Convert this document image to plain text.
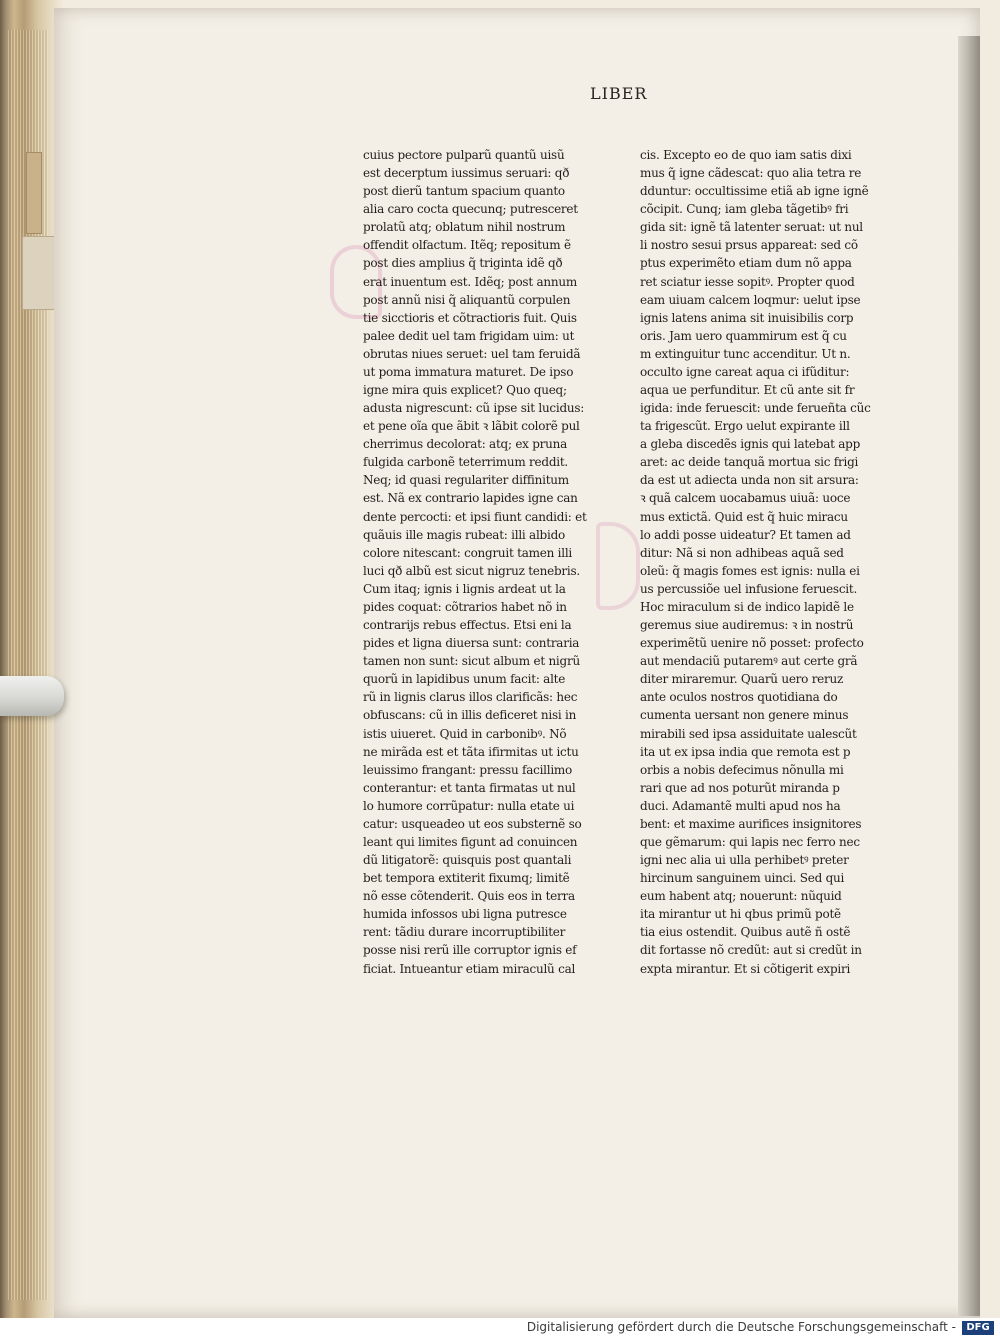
LIBER
cuius pectore pulparũ quantũ uisũ
est decerptum iussimus seruari: qð
post dierũ tantum spacium quanto
alia caro cocta quecunq; putresceret
prolatũ atq; oblatum nihil nostrum
offendit olfactum. Itẽq; repositum ẽ
post dies amplius q̃ triginta idẽ qð
erat inuentum est. Idẽq; post annum
post annũ nisi q̃ aliquantũ corpulen
tie sicctioris et cõtractioris fuit. Quis
palee dedit uel tam frigidam uim: ut
obrutas niues seruet: uel tam feruidã
ut poma immatura maturet. De ipso
igne mira quis explicet? Quo queq;
adusta nigrescunt: cũ ipse sit lucidus:
et pene oĩa que ãbit ꝛ lãbit colorẽ pul
cherrimus decolorat: atq; ex pruna
fulgida carbonẽ teterrimum reddit.
Neq; id quasi regulariter diffinitum
est. Nã ex contrario lapides igne can
dente percocti: et ipsi fiunt candidi: et
quãuis ille magis rubeat: illi albido
colore nitescant: congruit tamen illi
luci qð albũ est sicut nigruz tenebris.
Cum itaq; ignis i lignis ardeat ut la
pides coquat: cõtrarios habet nõ in
contrarijs rebus effectus. Etsi eni la
pides et ligna diuersa sunt: contraria
tamen non sunt: sicut album et nigrũ
quorũ in lapidibus unum facit: alte
rũ in lignis clarus illos clarificãs: hec
obfuscans: cũ in illis deficeret nisi in
istis uiueret. Quid in carbonibꝰ. Nõ
ne mirãda est et tãta ifirmitas ut ictu
leuissimo frangant: pressu facillimo
conterantur: et tanta firmatas ut nul
lo humore corrũpatur: nulla etate ui
catur: usqueadeo ut eos substernẽ so
leant qui limites figunt ad conuincen
dũ litigatorẽ: quisquis post quantali
bet tempora extiterit fixumq; limitẽ
nõ esse cõtenderit. Quis eos in terra
humida infossos ubi ligna putresce
rent: tãdiu durare incorruptibiliter
posse nisi rerũ ille corruptor ignis ef
ficiat. Intueantur etiam miraculũ cal
cis. Excepto eo de quo iam satis dixi
mus q̃ igne cãdescat: quo alia tetra re
dduntur: occultissime etiã ab igne ignẽ
cõcipit. Cunq; iam gleba tãgetibꝰ fri
gida sit: ignẽ tã latenter seruat: ut nul
li nostro sesui prsus appareat: sed cõ
ptus experimẽto etiam dum nõ appa
ret sciatur iesse sopitꝰ. Propter quod
eam uiuam calcem loqmur: uelut ipse
ignis latens anima sit inuisibilis corp
oris. Jam uero quammirum est q̃ cu
m extinguitur tunc accenditur. Ut n.
occulto igne careat aqua ci ifũditur:
aqua ue perfunditur. Et cũ ante sit fr
igida: inde feruescit: unde ferueñta cũc
ta frigescũt. Ergo uelut expirante ill
a gleba discedẽs ignis qui latebat app
aret: ac deide tanquã mortua sic frigi
da est ut adiecta unda non sit arsura:
ꝛ quã calcem uocabamus uiuã: uoce
mus extictã. Quid est q̃ huic miracu
lo addi posse uideatur? Et tamen ad
ditur: Nã si non adhibeas aquã sed
oleũ: q̃ magis fomes est ignis: nulla ei
us percussiõe uel infusione feruescit.
Hoc miraculum si de indico lapidẽ le
geremus siue audiremus: ꝛ in nostrũ
experimẽtũ uenire nõ posset: profecto
aut mendaciũ putaremꝰ aut certe grã
diter miraremur. Quarũ uero reruz
ante oculos nostros quotidiana do
cumenta uersant non genere minus
mirabili sed ipsa assiduitate ualescũt
ita ut ex ipsa india que remota est p
orbis a nobis defecimus nõnulla mi
rari que ad nos poturũt miranda p
duci. Adamantẽ multi apud nos ha
bent: et maxime aurifices insignitores
que gẽmarum: qui lapis nec ferro nec
igni nec alia ui ulla perhibetꝰ preter
hircinum sanguinem uinci. Sed qui
eum habent atq; nouerunt: nũquid
ita mirantur ut hi qbus primũ potẽ
tia eius ostendit. Quibus autẽ ñ ostẽ
dit fortasse nõ credũt: aut si credũt in
expta mirantur. Et si cõtigerit expiri
Digitalisierung gefördert durch die Deutsche Forschungsgemeinschaft -	DFG
